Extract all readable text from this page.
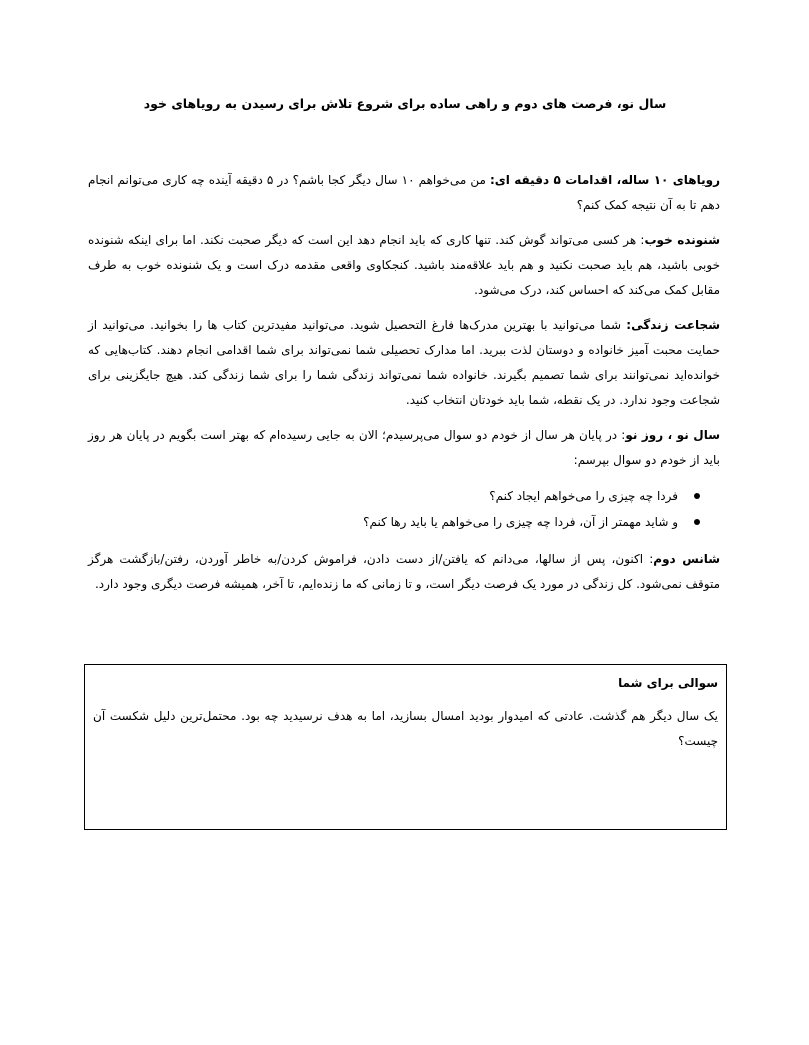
سال نو، فرصت های دوم و راهی ساده برای شروع تلاش برای رسیدن به رویاهای خود

رویاهای ۱۰ ساله، اقدامات ۵ دقیقه ای: من می‌خواهم ۱۰ سال دیگر کجا باشم؟ در ۵ دقیقه آینده چه کاری می‌توانم انجام دهم تا به آن نتیجه کمک کنم؟

شنونده خوب: هر کسی می‌تواند گوش کند. تنها کاری که باید انجام دهد این است که دیگر صحبت نکند. اما برای اینکه شنونده خوبی باشید، هم باید صحبت نکنید و هم باید علاقه‌مند باشید. کنجکاوی واقعی مقدمه درک است و یک شنونده خوب به طرف مقابل کمک می‌کند که احساس کند، درک می‌شود.

شجاعت زندگی: شما می‌توانید با بهترین مدرک‌ها فارغ التحصیل شوید. می‌توانید مفیدترین کتاب ها را بخوانید. می‌توانید از حمایت محبت آمیز خانواده و دوستان لذت ببرید. اما مدارک تحصیلی شما نمی‌تواند برای شما اقدامی انجام دهند. کتاب‌هایی که خوانده‌اید نمی‌توانند برای شما تصمیم بگیرند. خانواده شما نمی‌تواند زندگی شما را برای شما زندگی کند. هیچ جایگزینی برای شجاعت وجود ندارد. در یک نقطه، شما باید خودتان انتخاب کنید.

سال نو ، روز نو: در پایان هر سال از خودم دو سوال می‌پرسیدم؛ الان به جایی رسیده‌ام که بهتر است بگویم در پایان هر روز باید از خودم دو سوال بپرسم:

فردا چه چیزی را می‌خواهم ایجاد کنم؟
و شاید مهمتر از آن، فردا چه چیزی را می‌خواهم یا باید رها کنم؟

شانس دوم: اکنون، پس از سالها، می‌دانم که یافتن/از دست دادن، فراموش کردن/به خاطر آوردن، رفتن/بازگشت هرگز متوقف نمی‌شود. کل زندگی در مورد یک فرصت دیگر است، و تا زمانی که ما زنده‌ایم، تا آخر، همیشه فرصت دیگری وجود دارد.

سوالی برای شما

یک سال دیگر هم گذشت. عادتی که امیدوار بودید امسال بسازید، اما به هدف نرسیدید چه بود. محتمل‌ترین دلیل شکست آن چیست؟
